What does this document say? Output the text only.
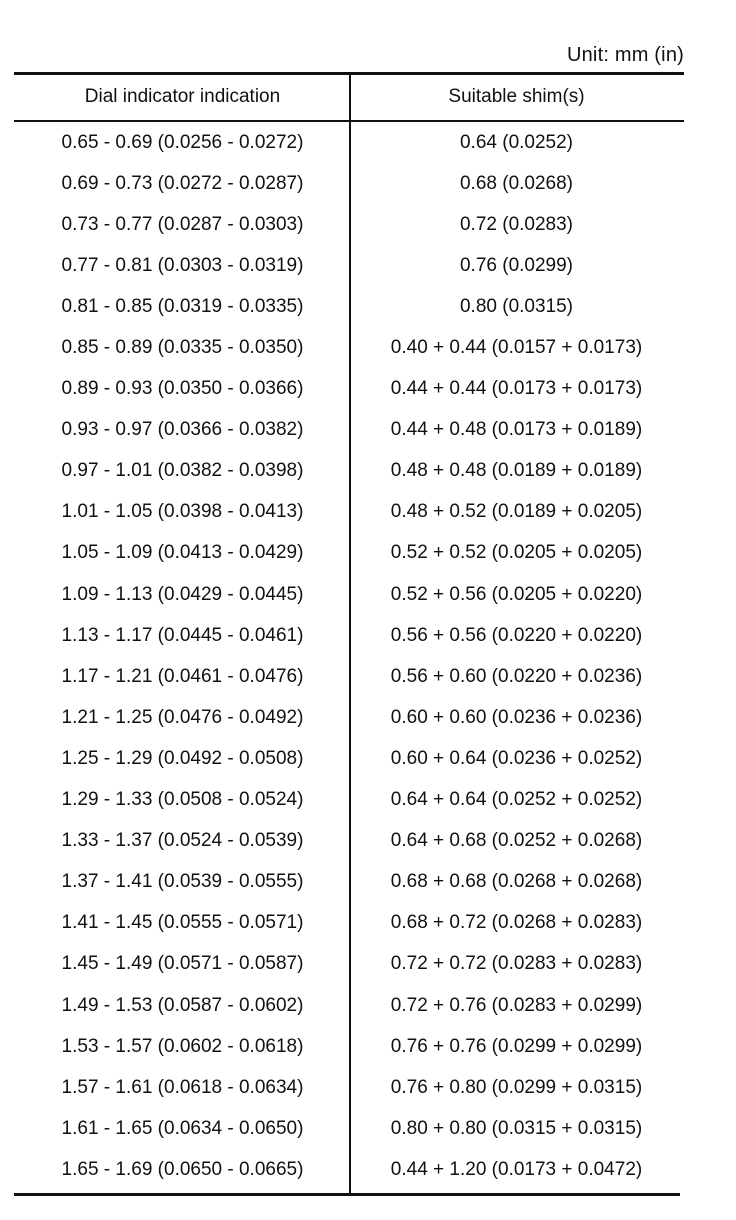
Unit: mm (in)
Dial indicator indication	Suitable shim(s)
0.65 - 0.69 (0.0256 - 0.0272)	0.64 (0.0252)
0.69 - 0.73 (0.0272 - 0.0287)	0.68 (0.0268)
0.73 - 0.77 (0.0287 - 0.0303)	0.72 (0.0283)
0.77 - 0.81 (0.0303 - 0.0319)	0.76 (0.0299)
0.81 - 0.85 (0.0319 - 0.0335)	0.80 (0.0315)
0.85 - 0.89 (0.0335 - 0.0350)	0.40 + 0.44 (0.0157 + 0.0173)
0.89 - 0.93 (0.0350 - 0.0366)	0.44 + 0.44 (0.0173 + 0.0173)
0.93 - 0.97 (0.0366 - 0.0382)	0.44 + 0.48 (0.0173 + 0.0189)
0.97 - 1.01 (0.0382 - 0.0398)	0.48 + 0.48 (0.0189 + 0.0189)
1.01 - 1.05 (0.0398 - 0.0413)	0.48 + 0.52 (0.0189 + 0.0205)
1.05 - 1.09 (0.0413 - 0.0429)	0.52 + 0.52 (0.0205 + 0.0205)
1.09 - 1.13 (0.0429 - 0.0445)	0.52 + 0.56 (0.0205 + 0.0220)
1.13 - 1.17 (0.0445 - 0.0461)	0.56 + 0.56 (0.0220 + 0.0220)
1.17 - 1.21 (0.0461 - 0.0476)	0.56 + 0.60 (0.0220 + 0.0236)
1.21 - 1.25 (0.0476 - 0.0492)	0.60 + 0.60 (0.0236 + 0.0236)
1.25 - 1.29 (0.0492 - 0.0508)	0.60 + 0.64 (0.0236 + 0.0252)
1.29 - 1.33 (0.0508 - 0.0524)	0.64 + 0.64 (0.0252 + 0.0252)
1.33 - 1.37 (0.0524 - 0.0539)	0.64 + 0.68 (0.0252 + 0.0268)
1.37 - 1.41 (0.0539 - 0.0555)	0.68 + 0.68 (0.0268 + 0.0268)
1.41 - 1.45 (0.0555 - 0.0571)	0.68 + 0.72 (0.0268 + 0.0283)
1.45 - 1.49 (0.0571 - 0.0587)	0.72 + 0.72 (0.0283 + 0.0283)
1.49 - 1.53 (0.0587 - 0.0602)	0.72 + 0.76 (0.0283 + 0.0299)
1.53 - 1.57 (0.0602 - 0.0618)	0.76 + 0.76 (0.0299 + 0.0299)
1.57 - 1.61 (0.0618 - 0.0634)	0.76 + 0.80 (0.0299 + 0.0315)
1.61 - 1.65 (0.0634 - 0.0650)	0.80 + 0.80 (0.0315 + 0.0315)
1.65 - 1.69 (0.0650 - 0.0665)	0.44 + 1.20 (0.0173 + 0.0472)
